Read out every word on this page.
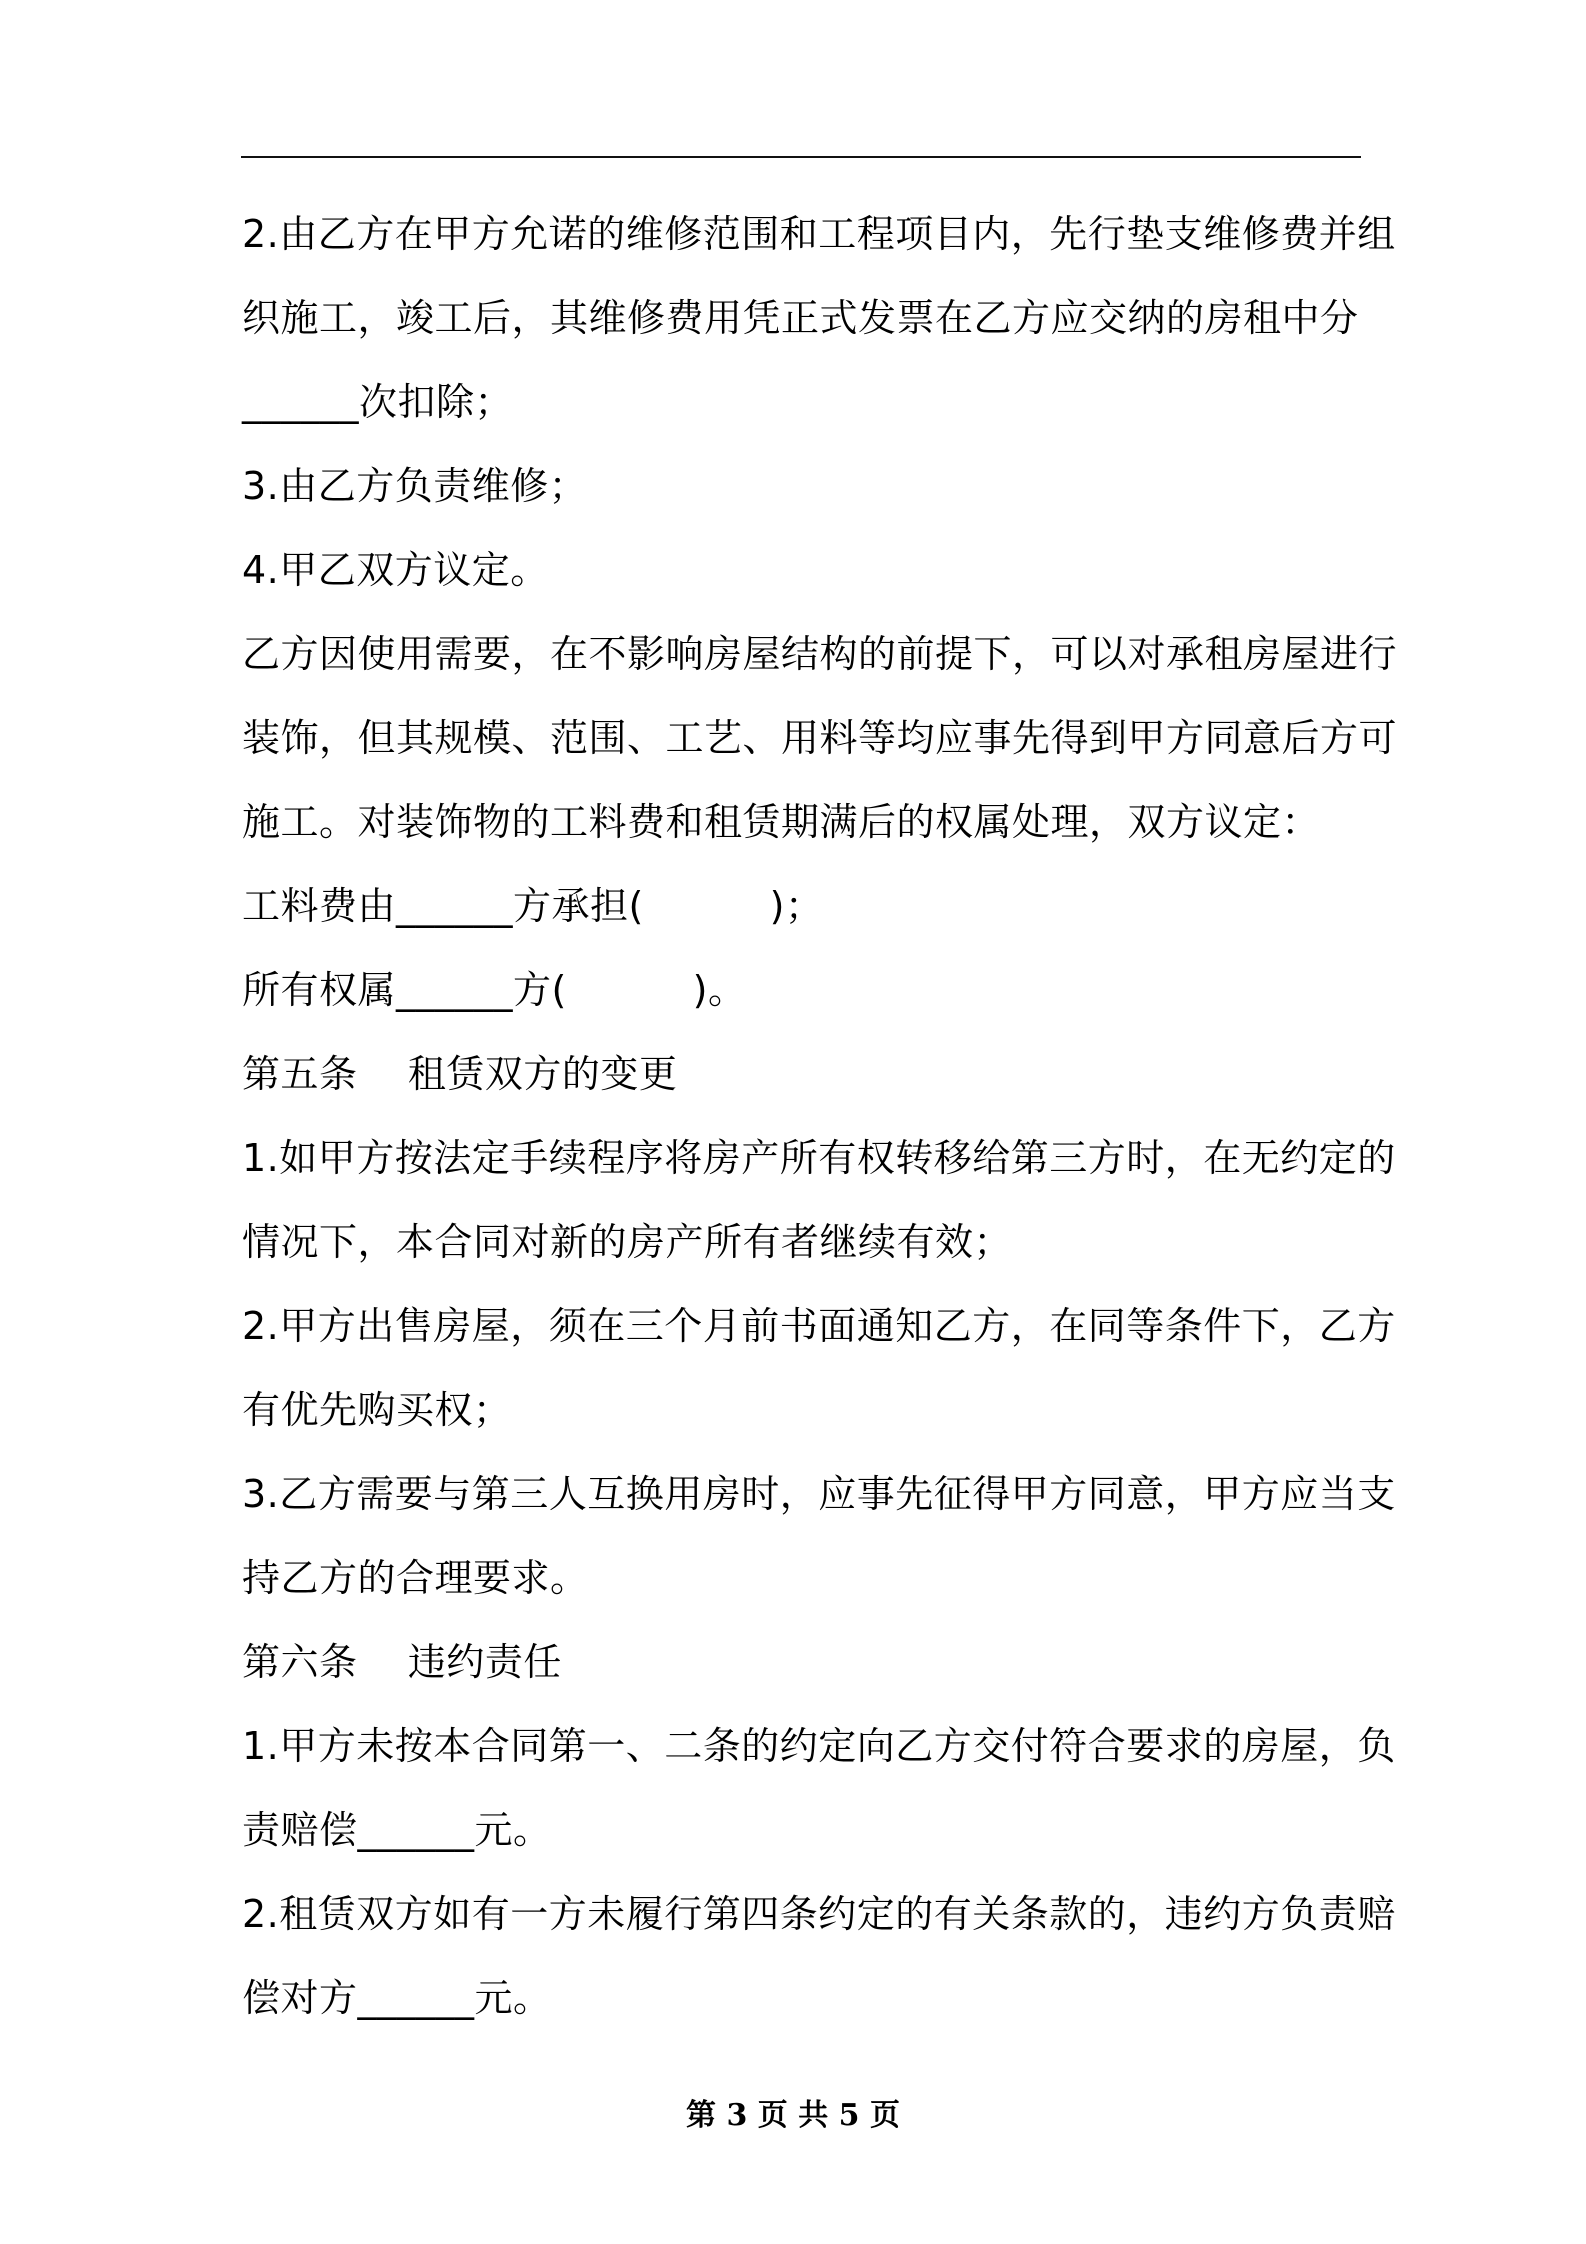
2.由乙方在甲方允诺的维修范围和工程项目内，先行垫支维修费并组
织施工，竣工后，其维修费用凭正式发票在乙方应交纳的房租中分
______次扣除；
3.由乙方负责维修；
4.甲乙双方议定。
乙方因使用需要，在不影响房屋结构的前提下，可以对承租房屋进行
装饰，但其规模、范围、工艺、用料等均应事先得到甲方同意后方可
施工。对装饰物的工料费和租赁期满后的权属处理，双方议定：
工料费由______方承担(          )；
所有权属______方(          )。
第五条    租赁双方的变更
1.如甲方按法定手续程序将房产所有权转移给第三方时，在无约定的
情况下，本合同对新的房产所有者继续有效；
2.甲方出售房屋，须在三个月前书面通知乙方，在同等条件下，乙方
有优先购买权；
3.乙方需要与第三人互换用房时，应事先征得甲方同意，甲方应当支
持乙方的合理要求。
第六条    违约责任
1.甲方未按本合同第一、二条的约定向乙方交付符合要求的房屋，负
责赔偿______元。
2.租赁双方如有一方未履行第四条约定的有关条款的，违约方负责赔
偿对方______元。
第 3 页 共 5 页
